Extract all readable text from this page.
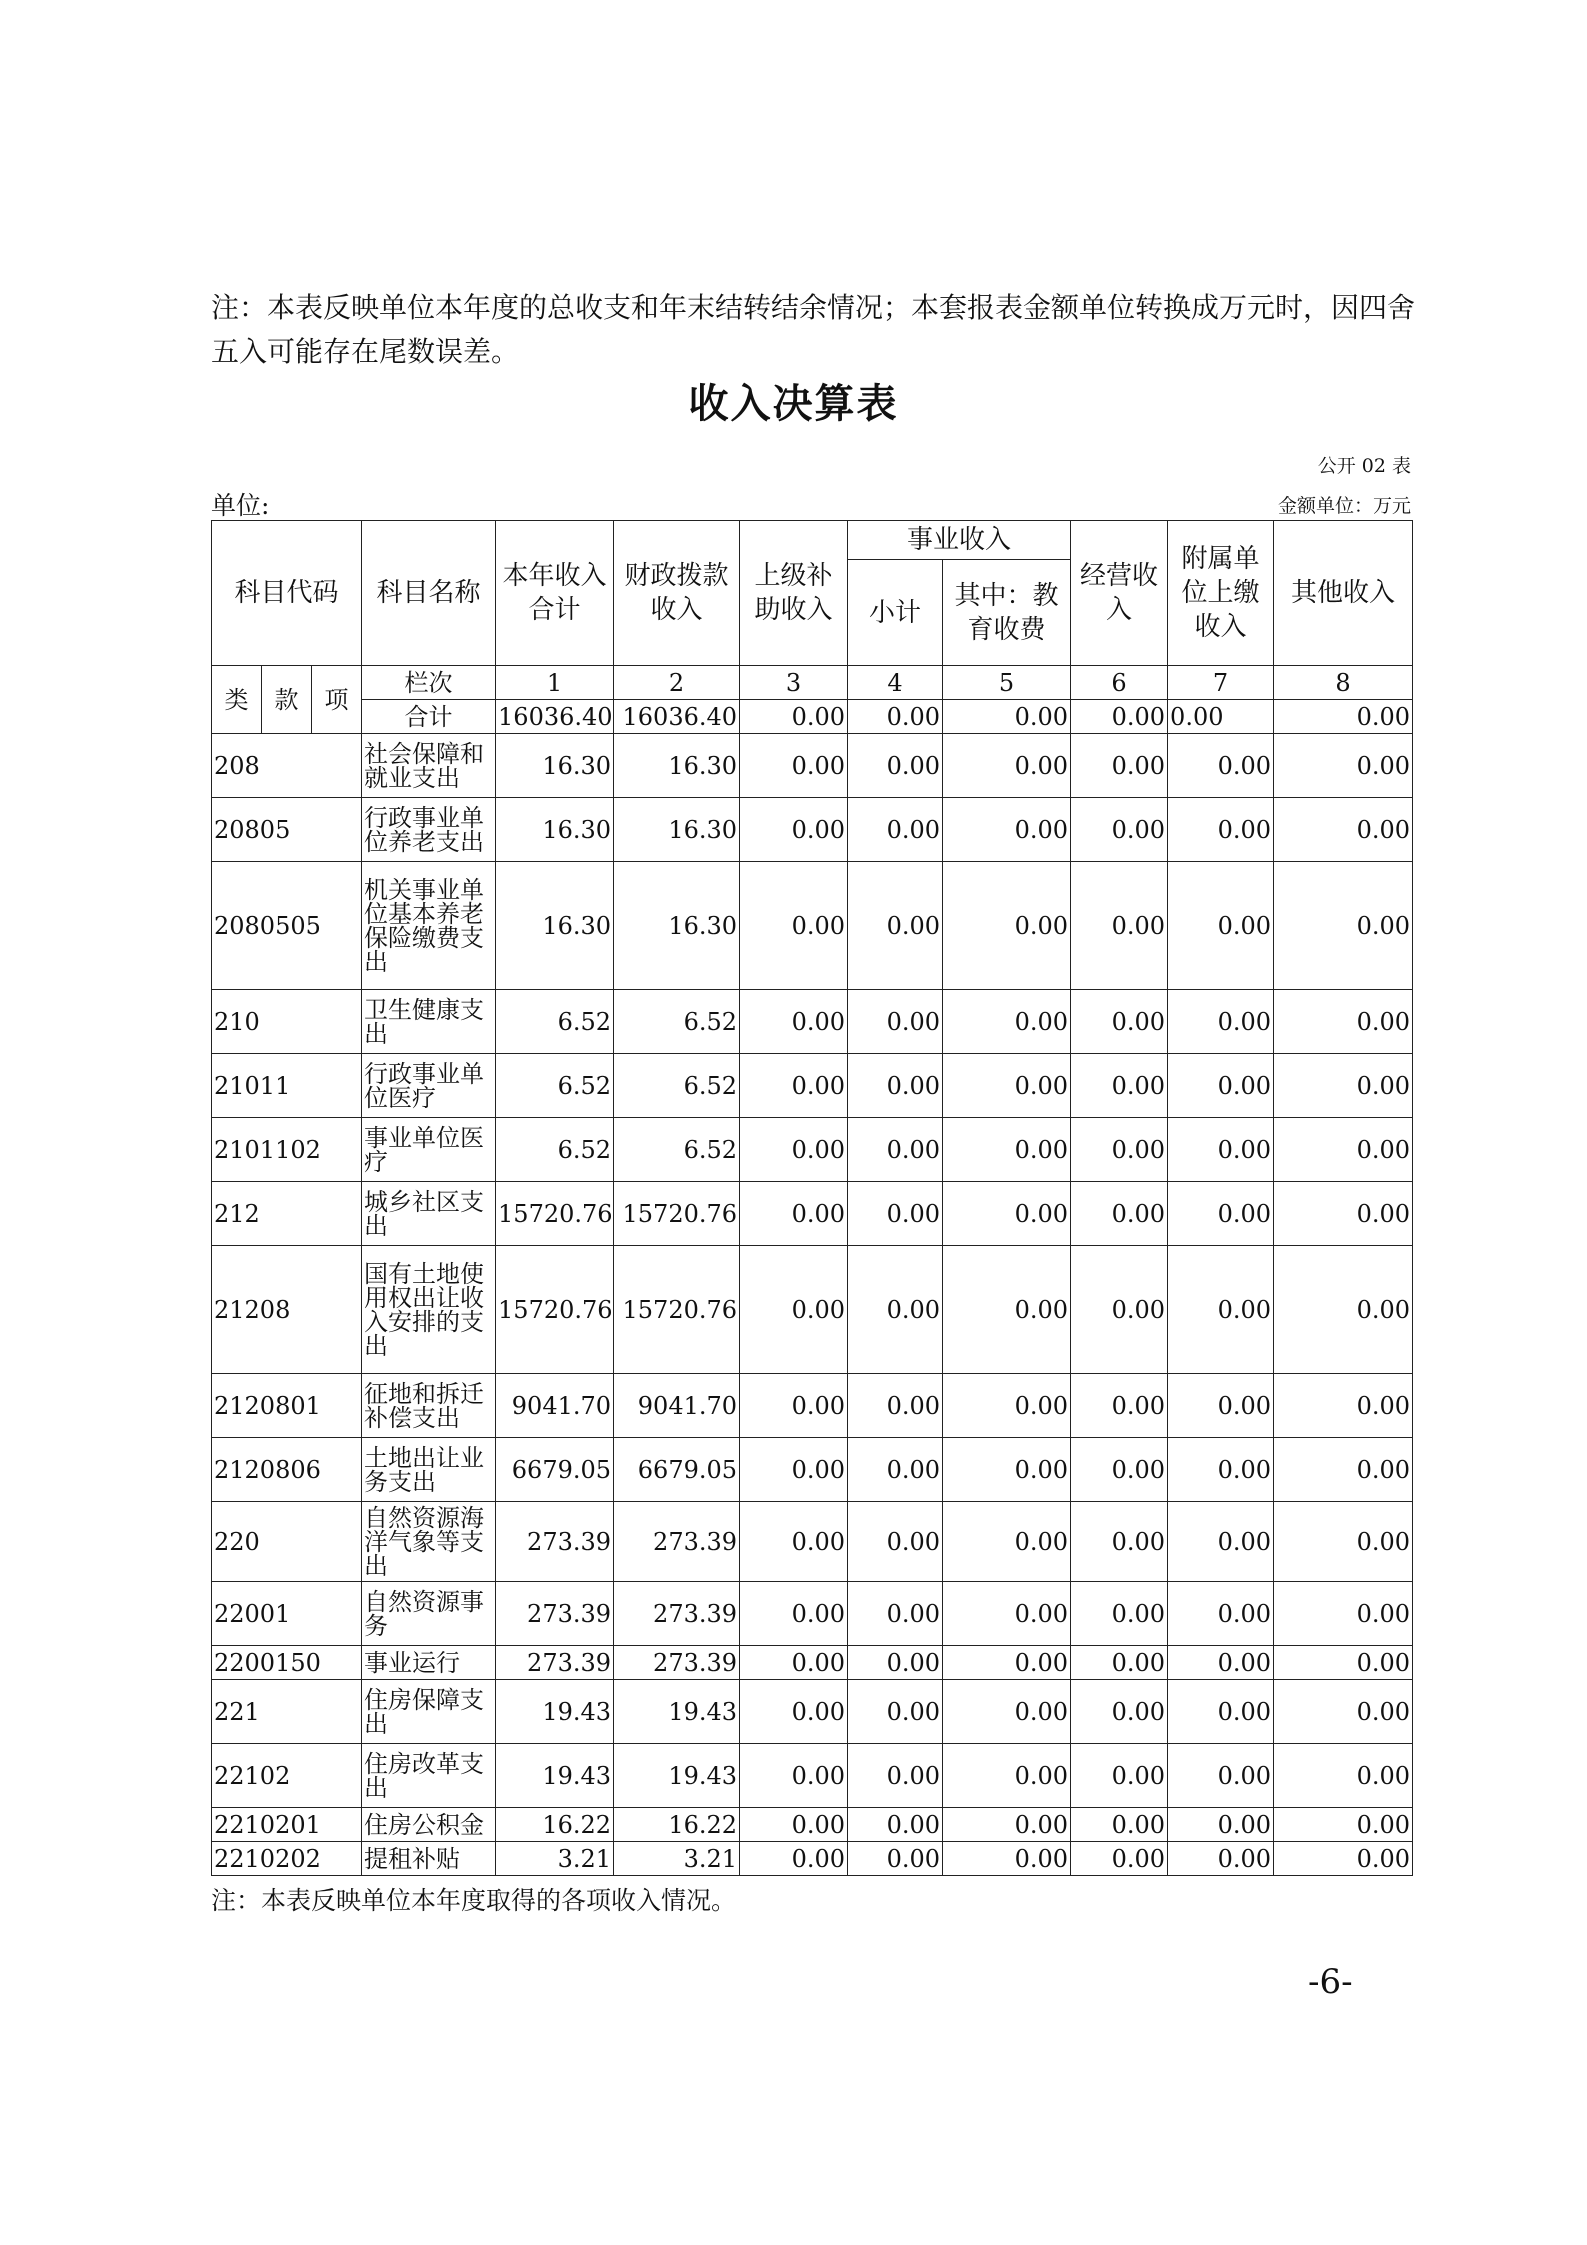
注：本表反映单位本年度的总收支和年末结转结余情况；本套报表金额单位转换成万元时，因四舍五入可能存在尾数误差。
收入决算表
公开 02 表
单位:	金额单位：万元
科目代码			科目名称	本年收入合计	财政拨款收入	上级补助收入	事业收入		经营收入	附属单位上缴收入	其他收入
							小计	其中：教育收费			
类	款	项	栏次	1	2	3	4	5	6	7	8
			合计	16036.40	16036.40	0.00	0.00	0.00	0.00	0.00	0.00
208			社会保障和就业支出	16.30	16.30	0.00	0.00	0.00	0.00	0.00	0.00
20805			行政事业单位养老支出	16.30	16.30	0.00	0.00	0.00	0.00	0.00	0.00
2080505			机关事业单位基本养老保险缴费支出	16.30	16.30	0.00	0.00	0.00	0.00	0.00	0.00
210			卫生健康支出	6.52	6.52	0.00	0.00	0.00	0.00	0.00	0.00
21011			行政事业单位医疗	6.52	6.52	0.00	0.00	0.00	0.00	0.00	0.00
2101102			事业单位医疗	6.52	6.52	0.00	0.00	0.00	0.00	0.00	0.00
212			城乡社区支出	15720.76	15720.76	0.00	0.00	0.00	0.00	0.00	0.00
21208			国有土地使用权出让收入安排的支出	15720.76	15720.76	0.00	0.00	0.00	0.00	0.00	0.00
2120801			征地和拆迁补偿支出	9041.70	9041.70	0.00	0.00	0.00	0.00	0.00	0.00
2120806			土地出让业务支出	6679.05	6679.05	0.00	0.00	0.00	0.00	0.00	0.00
220			自然资源海洋气象等支出	273.39	273.39	0.00	0.00	0.00	0.00	0.00	0.00
22001			自然资源事务	273.39	273.39	0.00	0.00	0.00	0.00	0.00	0.00
2200150			事业运行	273.39	273.39	0.00	0.00	0.00	0.00	0.00	0.00
221			住房保障支出	19.43	19.43	0.00	0.00	0.00	0.00	0.00	0.00
22102			住房改革支出	19.43	19.43	0.00	0.00	0.00	0.00	0.00	0.00
2210201			住房公积金	16.22	16.22	0.00	0.00	0.00	0.00	0.00	0.00
2210202			提租补贴	3.21	3.21	0.00	0.00	0.00	0.00	0.00	0.00
注：本表反映单位本年度取得的各项收入情况。
-6-
